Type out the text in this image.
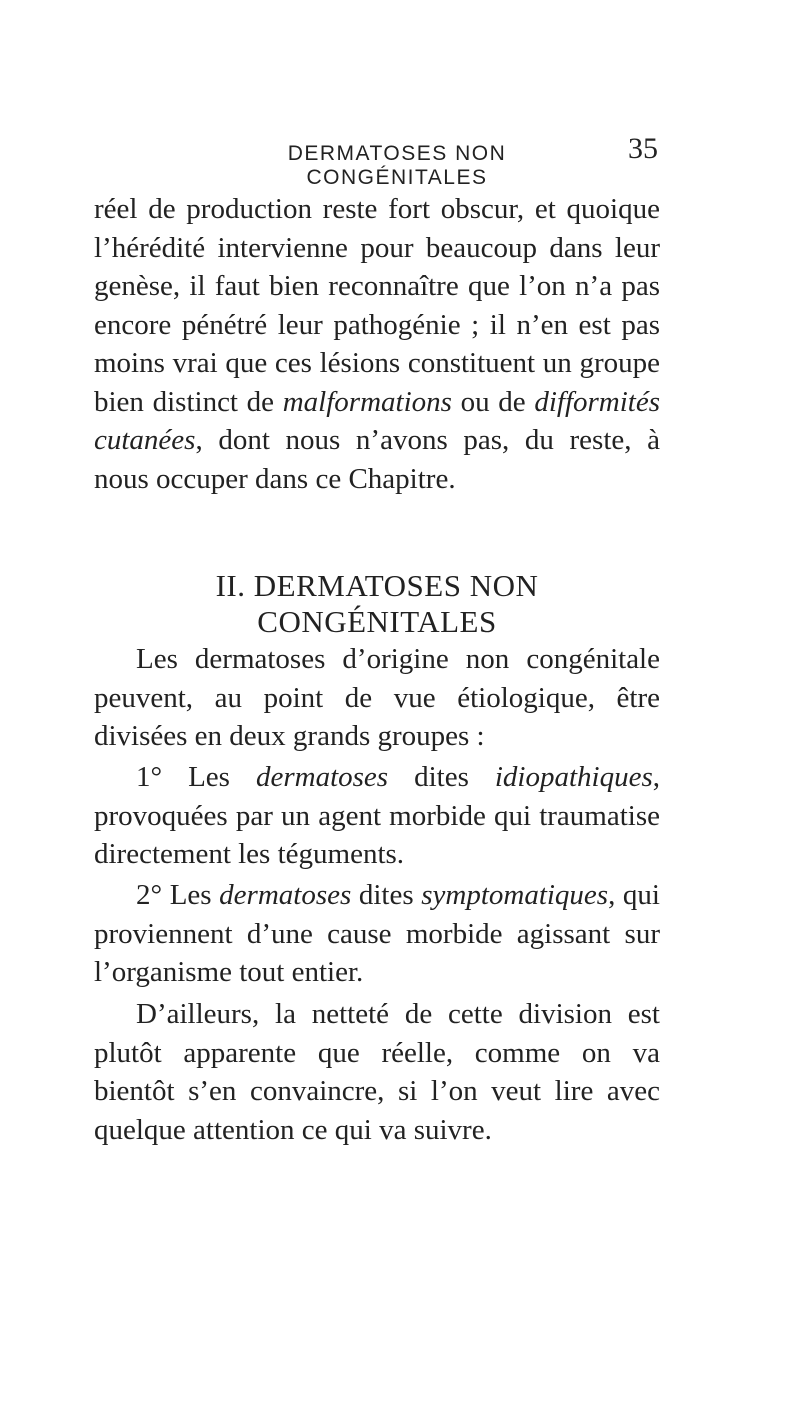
DERMATOSES NON CONGÉNITALES
35

réel de production reste fort obscur, et quoique l’hérédité intervienne pour beaucoup dans leur genèse, il faut bien reconnaître que l’on n’a pas encore pénétré leur pathogénie ; il n’en est pas moins vrai que ces lésions constituent un groupe bien distinct de malformations ou de difformités cutanées, dont nous n’avons pas, du reste, à nous occuper dans ce Chapitre.

II. DERMATOSES NON CONGÉNITALES

Les dermatoses d’origine non congénitale peuvent, au point de vue étiologique, être divisées en deux grands groupes :

1° Les dermatoses dites idiopathiques, provoquées par un agent morbide qui traumatise directement les téguments.

2° Les dermatoses dites symptomatiques, qui proviennent d’une cause morbide agissant sur l’organisme tout entier.

D’ailleurs, la netteté de cette division est plutôt apparente que réelle, comme on va bientôt s’en convaincre, si l’on veut lire avec quelque attention ce qui va suivre.
